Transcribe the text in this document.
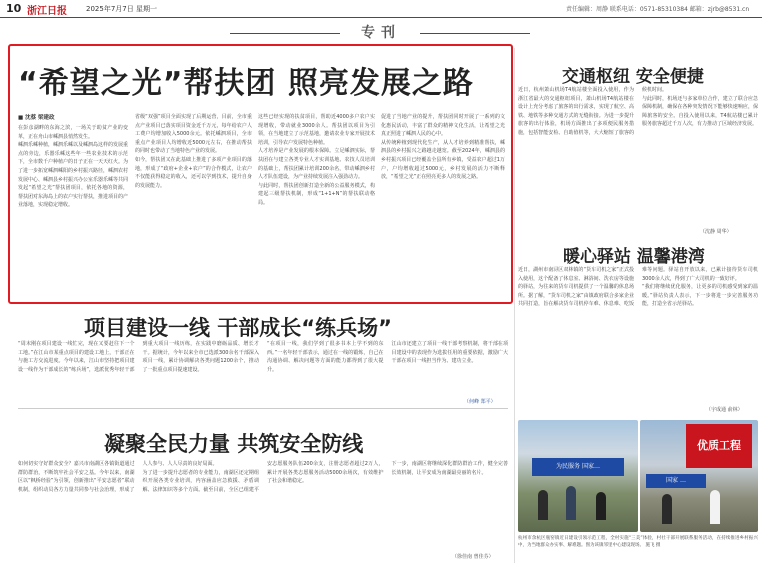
10 浙江日报	2025年7月7日 星期一	责任编辑：周静 联系电话：0571-85310384 邮箱：zjrb@8531.cn
专刊
“希望之光”帮扶团 照亮发展之路
■ 沈蔡 梁建政
在彭彦湖畔的东海之滨，一场关于助贫产业的变革，正在舟山市嵊泗县悄然发生。
嵊泗乐嵊种植，嵊泗乐嵊以及嵊泗岛这样的发展重点的旁边，乐器乐嵊这些年一些农业技术的示范下，全市数千户种植户的日子正在一天天红火。为了进一步拓宽嵊泗嵊阳的乡村振兴路径，嵊泗农村发展中心、嵊泗县乡村振兴办公室乐器乐嵊等共同发起“希望之光”帮扶团项目，依托各地的资源，帮扶团对东海岛上的农户实行帮扶，推进项目的产业落地，实现稳定增收。
省级“双强”项目全面实现了后期运营，目前，全市重点产业项目已落实项目资金近千万元，每年给农户人工费户均增加收入5000余元。依托嵊泗项目，全市重点产业项目人均增收近5000元左右，在推动帮扶的同时也带动了当地特色产业的发展。
如今，帮扶团又在此基础上推进了多项产业项目的落地，形成了“政府+企业+农户”的合作模式，让农户不仅能获得稳定的收入，还可以学到技术，提升自身的发展能力。
这些已经实现的扶贫项目，帮助近4000多户农户实现增收，带动就业3000余人。帮扶团以项目为引领，在当地建立了示范基地，邀请农业专家开展技术培训，引导农户发展特色种植。
人才培养是产业发展的根本保障。立足嵊泗实际，帮扶团在与建立各类专业人才实训基地、农技人员培训的基础上，帮扶团累计培训200余名，带动嵊泗乡村人才队伍建设，为产业持续发展注入强劲动力。
与此同时，帮扶团创新打造全新的公益服务模式，构建起三级帮扶机制，形成“1+1+N”的帮扶联动格局。
促进了当地产业的提升，帮扶团同时开展了一系列的文化惠民活动，丰富了群众的精神文化生活，让希望之光真正照进了嵊泗人民的心中。
从传统种植到现代化生产，从人才培养到精准帮扶，嵊泗县的乡村振兴之路越走越宽。截至2024年，嵊泗县的乡村振兴项目已经覆盖全县所有乡镇，受益农户超过1万户，户均增收超过5000元，乡村发展的活力不断释放，“希望之光”正在照亮更多人的发展之路。
交通枢纽 安全便捷
近日，杭州萧山机场T4航站楼全面投入使用，作为浙江省最大的交通枢纽项目，萧山机场T4航站楼在设计上充分考虑了旅客的出行需求，实现了航空、高铁、地铁等多种交通方式的无缝衔接。为进一步提升旅客的出行体验，机场方面推出了多项便民服务措施，包括智能安检、自助值机等，大大缩短了旅客的候机时间。
与此同时，机场还与多家单位合作，建立了联合应急保障机制，确保在各种突发情况下能够快速响应，保障旅客的安全。自投入使用以来，T4航站楼已累计服务旅客超过千万人次，有力推动了区域经济发展。
（沈静 周华）
暖心驿站 温馨港湾
近日，湖州市南浔区双林镇的“货车司机之家”正式投入使用，这个配备了休息室、淋浴间、洗衣房等设施的驿站，为往来的货车司机提供了一个温馨的休息场所。据了解，“货车司机之家”由镇政府联合多家企业共同打造，旨在解决货车司机停车难、休息难、吃饭难等问题。驿站自开放以来，已累计接待货车司机3000余人次，得到了广大司机的一致好评。
“我们将继续优化服务，让更多的司机感受到家的温暖。”驿站负责人表示，下一步将进一步完善服务功能，打造全省示范驿站。
（宇成通 俞林）
项目建设一线 干部成长“练兵场”
“周末刚在项目建设一线忙完，现在又要赶往下一个工地。”在江山市某重点项目的建设工地上，干部正在与施工方交流进度。今年以来，江山市坚持把项目建设一线作为干部成长的“练兵场”，选派优秀年轻干部到重大项目一线历练，在实践中磨砺品质、增长才干。据统计，今年以来全市已选派300余名干部深入项目一线，累计协调解决各类问题1200余个，推动了一批重点项目提速建设。
“在项目一线，我们学到了很多书本上学不到的东西。”一名年轻干部表示，通过在一线的锻炼，自己在沟通协调、解决问题等方面的能力都得到了很大提升。
江山市还建立了项目一线干部考察机制，将干部在项目建设中的表现作为选拔任用的重要依据，激励广大干部在项目一线担当作为、建功立业。
（何峰 郑平）
凝聚全民力量 共筑安全防线
如何切实守好群众安全？嘉兴市南湖区各镇街道通过群防群治，不断筑牢社会平安之基。今年以来，南湖区以“枫桥经验”为引领，创新推出“平安志愿者”联动机制，组织动员各方力量共同参与社会治理，形成了人人参与、人人尽责的良好局面。
为了进一步提升志愿者的专业能力，南湖区还定期组织开展各类专业培训，内容涵盖应急救援、矛盾调解、法律知识等多个方面。截至目前，全区已组建平安志愿服务队伍200余支，注册志愿者超过2万人，累计开展各类志愿服务活动5000余场次，有效维护了社会和谐稳定。
下一步，南湖区将继续深化群防群治工作，健全完善长效机制，让平安成为南湖最亮丽的名片。
（徐佳南 曾佳芬）
为民服务 国家…
优质工程
国家 …
杭州市余杭区瓶窑镇近日建设引领示范工程，全村实施“三美”体验，村社干部开展联系服务活动，在持续推进乡村振兴中，为当地群众办实事、解难题。图为该镇邻里中心建设现场。 施飞 摄
